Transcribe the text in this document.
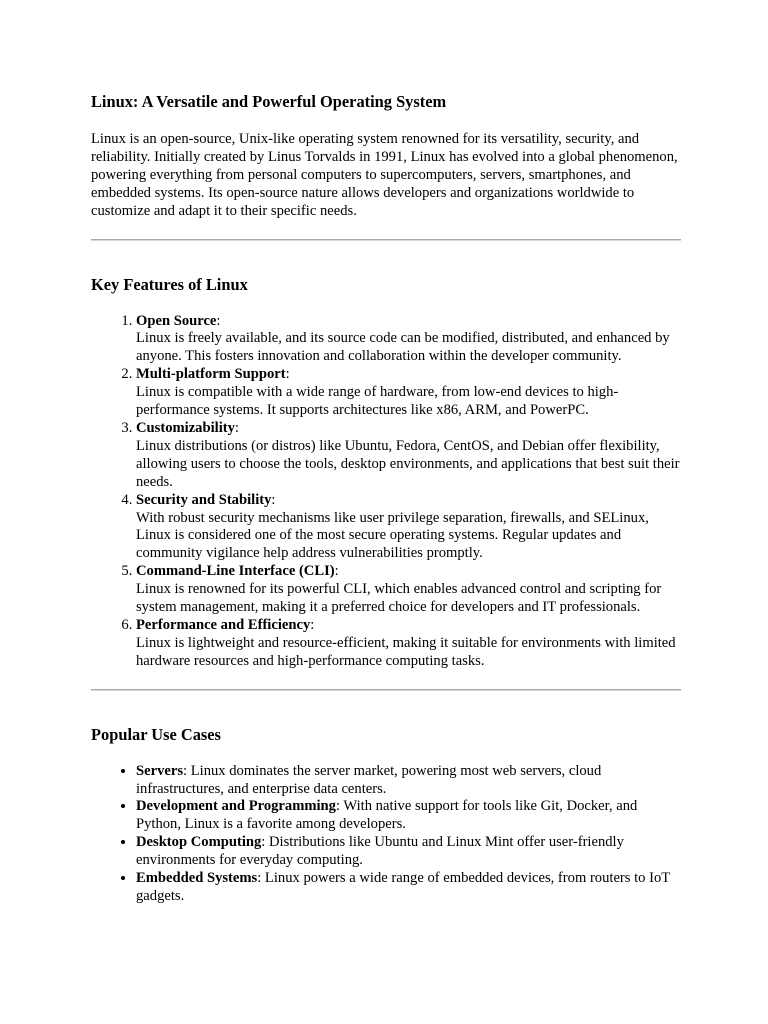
Linux: A Versatile and Powerful Operating System

Linux is an open-source, Unix-like operating system renowned for its versatility, security, and reliability. Initially created by Linus Torvalds in 1991, Linux has evolved into a global phenomenon, powering everything from personal computers to supercomputers, servers, smartphones, and embedded systems. Its open-source nature allows developers and organizations worldwide to customize and adapt it to their specific needs.

Key Features of Linux
1. Open Source:
Linux is freely available, and its source code can be modified, distributed, and enhanced by anyone. This fosters innovation and collaboration within the developer community.
2. Multi-platform Support:
Linux is compatible with a wide range of hardware, from low-end devices to high-performance systems. It supports architectures like x86, ARM, and PowerPC.
3. Customizability:
Linux distributions (or distros) like Ubuntu, Fedora, CentOS, and Debian offer flexibility, allowing users to choose the tools, desktop environments, and applications that best suit their needs.
4. Security and Stability:
With robust security mechanisms like user privilege separation, firewalls, and SELinux, Linux is considered one of the most secure operating systems. Regular updates and community vigilance help address vulnerabilities promptly.
5. Command-Line Interface (CLI):
Linux is renowned for its powerful CLI, which enables advanced control and scripting for system management, making it a preferred choice for developers and IT professionals.
6. Performance and Efficiency:
Linux is lightweight and resource-efficient, making it suitable for environments with limited hardware resources and high-performance computing tasks.
Popular Use Cases
• Servers: Linux dominates the server market, powering most web servers, cloud infrastructures, and enterprise data centers.
• Development and Programming: With native support for tools like Git, Docker, and Python, Linux is a favorite among developers.
• Desktop Computing: Distributions like Ubuntu and Linux Mint offer user-friendly environments for everyday computing.
• Embedded Systems: Linux powers a wide range of embedded devices, from routers to IoT gadgets.
